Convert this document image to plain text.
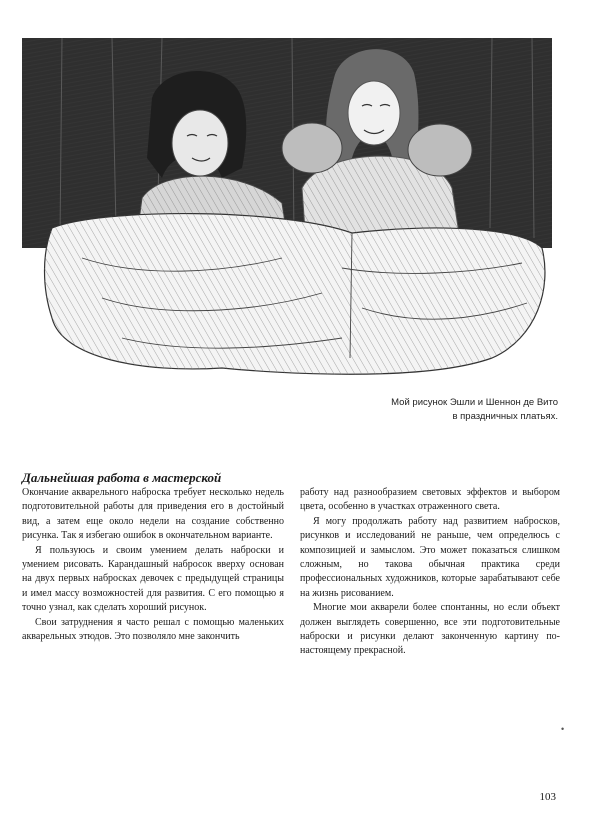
Мой рисунок Эшли и Шеннон де Вито
в праздничных платьях.
Дальнейшая работа в мастерской

Окончание акварельного наброска требует несколько недель подготовительной работы для приведения его в достойный вид, а затем еще около недели на создание собственно рисунка. Так я избегаю ошибок в окончательном варианте.

Я пользуюсь и своим умением делать наброски и умением рисовать. Карандашный набросок вверху основан на двух первых набросках девочек с предыдущей страницы и имел массу возможностей для развития. С его помощью я точно узнал, как сделать хороший рисунок.

Свои затруднения я часто решал с помощью маленьких акварельных этюдов. Это позволяло мне закончить

работу над разнообразием световых эффектов и выбором цвета, особенно в участках отраженного света.

Я могу продолжать работу над развитием набросков, рисунков и исследований не раньше, чем определюсь с композицией и замыслом. Это может показаться слишком сложным, но такова обычная практика среди профессиональных художников, которые зарабатывают себе на жизнь рисованием.

Многие мои акварели более спонтанны, но если объект должен выглядеть совершенно, все эти подготовительные наброски и рисунки делают законченную картину по-настоящему прекрасной.

•
103
